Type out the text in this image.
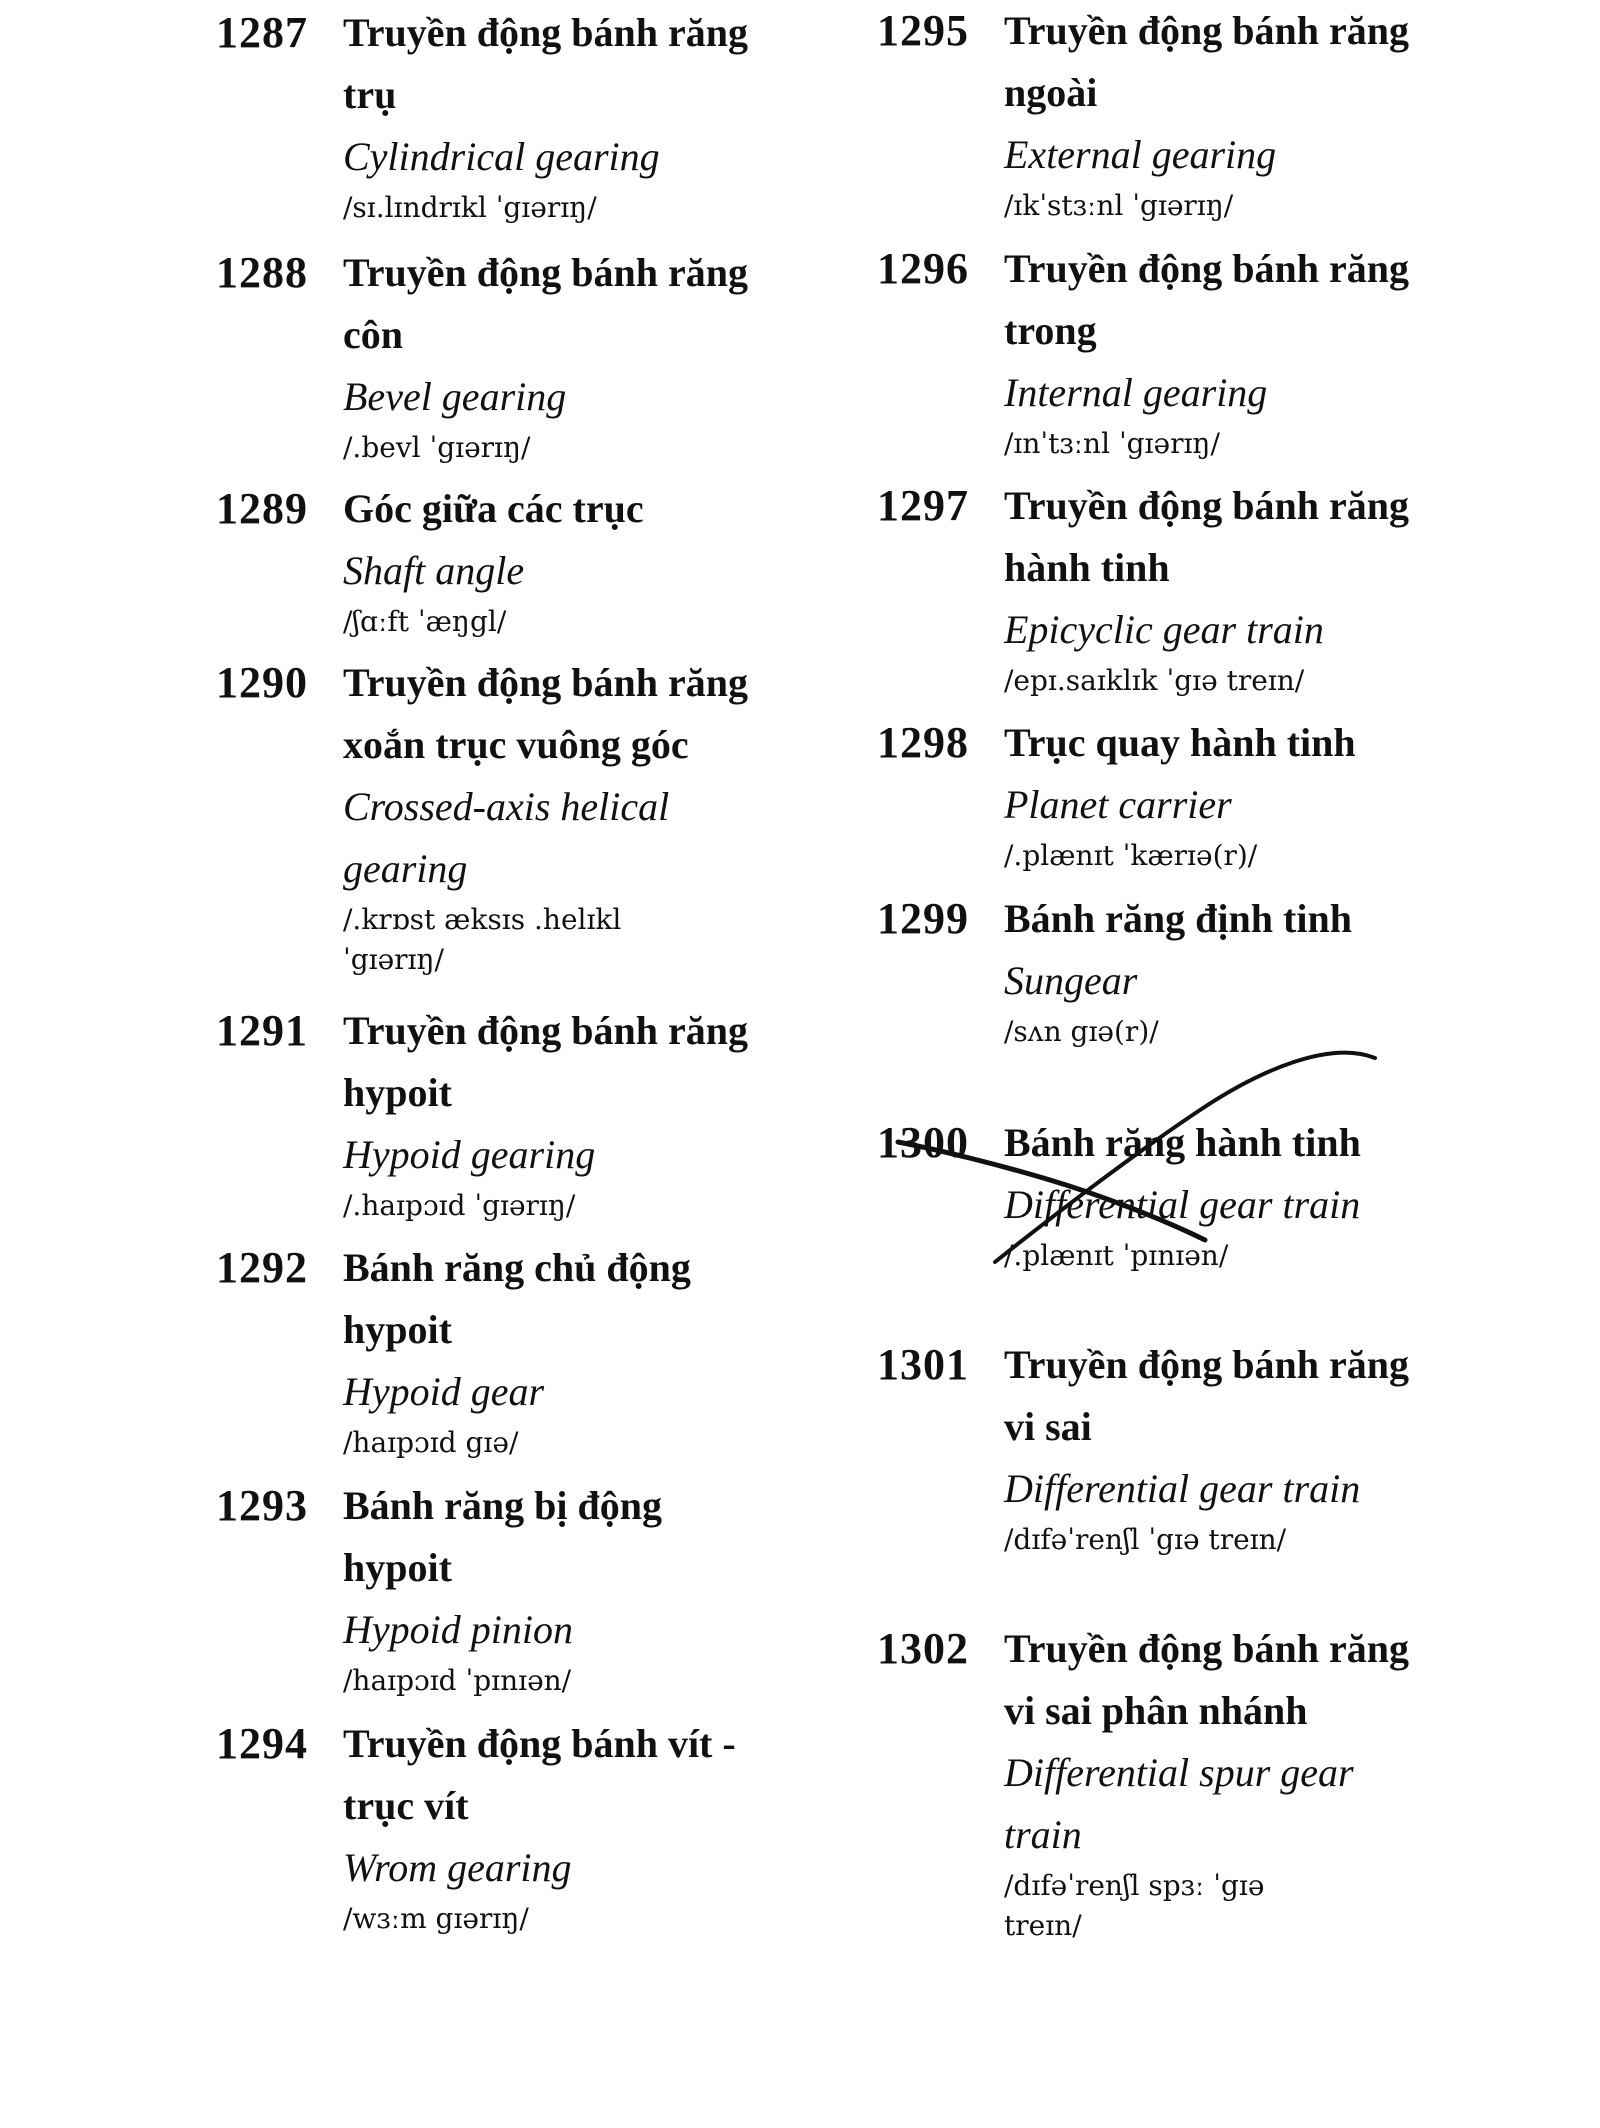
1287 Truyền động bánh răng
trụ
Cylindrical gearing
/sɪ.lɪndrɪkl ˈgɪərɪŋ/
1288 Truyền động bánh răng
côn
Bevel gearing
/.bevl ˈgɪərɪŋ/
1289 Góc giữa các trục
Shaft angle
/ʃɑːft ˈæŋgl/
1290 Truyền động bánh răng
xoắn trục vuông góc
Crossed-axis helical
gearing
/.krɒst æksɪs .helɪkl
ˈgɪərɪŋ/
1291 Truyền động bánh răng
hypoit
Hypoid gearing
/.haɪpɔɪd ˈgɪərɪŋ/
1292 Bánh răng chủ động
hypoit
Hypoid gear
/haɪpɔɪd gɪə/
1293 Bánh răng bị động
hypoit
Hypoid pinion
/haɪpɔɪd ˈpɪnɪən/
1294 Truyền động bánh vít -
trục vít
Wrom gearing
/wɜːm gɪərɪŋ/
1295 Truyền động bánh răng
ngoài
External gearing
/ɪkˈstɜːnl ˈgɪərɪŋ/
1296 Truyền động bánh răng
trong
Internal gearing
/ɪnˈtɜːnl ˈgɪərɪŋ/
1297 Truyền động bánh răng
hành tinh
Epicyclic gear train
/epɪ.saɪklɪk ˈgɪə treɪn/
1298 Trục quay hành tinh
Planet carrier
/.plænɪt ˈkærɪə(r)/
1299 Bánh răng định tinh
Sungear
/sʌn gɪə(r)/
1300 Bánh răng hành tinh
Differential gear train
/.plænɪt ˈpɪnɪən/
1301 Truyền động bánh răng
vi sai
Differential gear train
/dɪfəˈrenʃl ˈgɪə treɪn/
1302 Truyền động bánh răng
vi sai phân nhánh
Differential spur gear
train
/dɪfəˈrenʃl spɜː ˈgɪə
treɪn/
